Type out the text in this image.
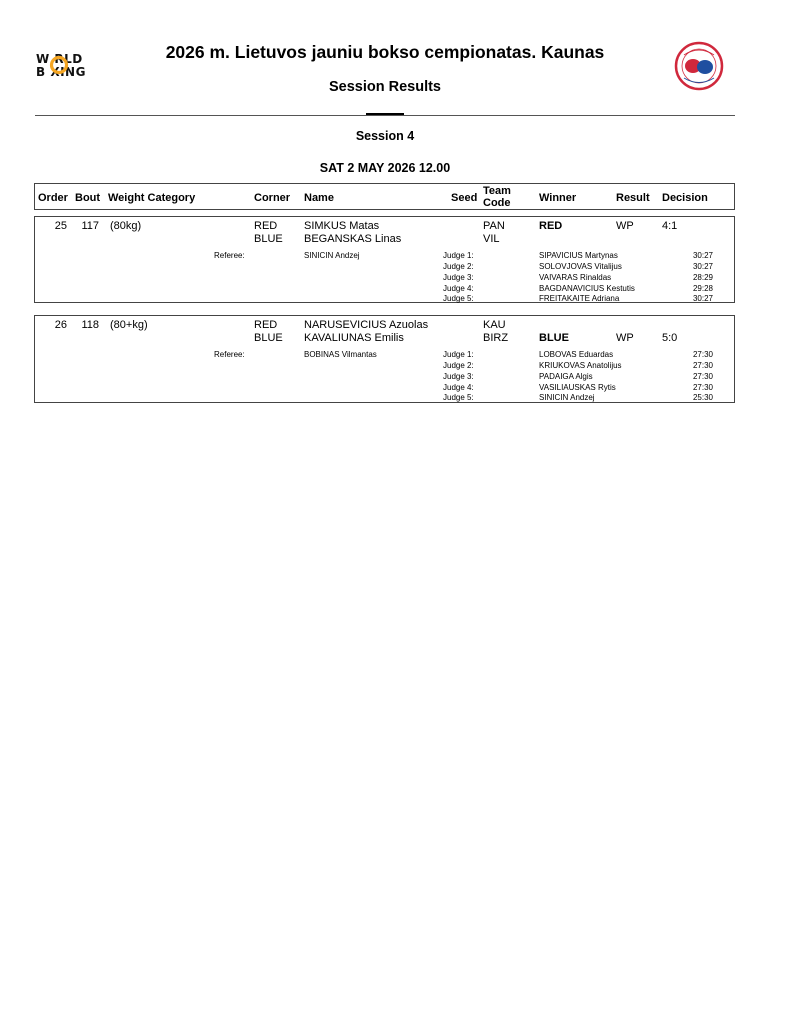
W RLD
B XING
2026 m. Lietuvos jauniu bokso cempionatas. Kaunas
Session Results
Session 4
SAT 2 MAY 2026 12.00
Order Bout Weight Category	Corner Name	Seed
Team
Code	Winner	Result Decision
25	117 (80kg)	RED SIMKUS Matas	PAN	RED	WP	4:1
BLUE BEGANSKAS Linas	VIL
Referee:	SINICIN Andzej	Judge 1:	SIPAVICIUS Martynas	30:27
Judge 2:	SOLOVJOVAS Vitalijus	30:27
Judge 3:	VAIVARAS Rinaldas	28:29
Judge 4:	BAGDANAVICIUS Kestutis	29:28
Judge 5:	FREITAKAITE Adriana	30:27
26	118 (80+kg)	RED NARUSEVICIUS Azuolas	KAU
BLUE KAVALIUNAS Emilis	BIRZ	BLUE	WP	5:0
Referee:	BOBINAS Vilmantas	Judge 1:	LOBOVAS Eduardas	27:30
Judge 2:	KRIUKOVAS Anatolijus	27:30
Judge 3:	PADAIGA Algis	27:30
Judge 4:	VASILIAUSKAS Rytis	27:30
Judge 5:	SINICIN Andzej	25:30
